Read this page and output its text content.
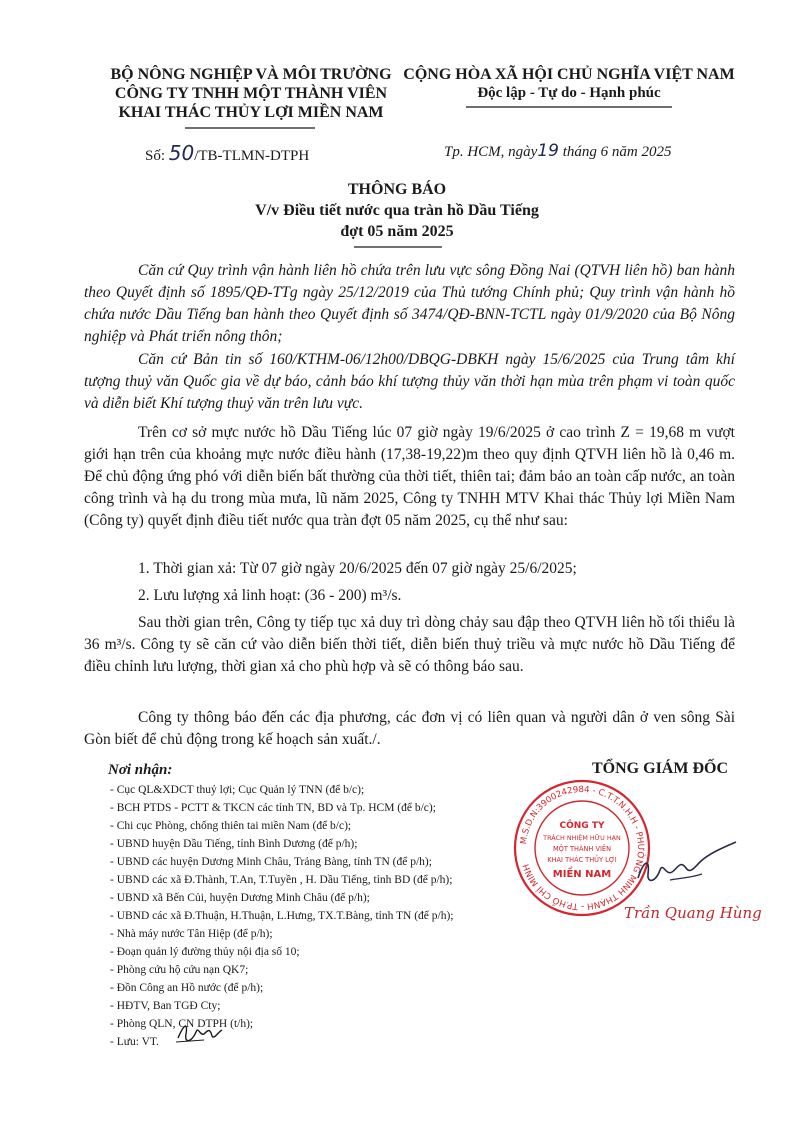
BỘ NÔNG NGHIỆP VÀ MÔI TRƯỜNG
CÔNG TY TNHH MỘT THÀNH VIÊN
KHAI THÁC THỦY LỢI MIỀN NAM
CỘNG HÒA XÃ HỘI CHỦ NGHĨA VIỆT NAM
Độc lập - Tự do - Hạnh phúc
Số: 50/TB-TLMN-DTPH	Tp. HCM, ngày19 tháng 6 năm 2025
THÔNG BÁO
V/v Điều tiết nước qua tràn hồ Dầu Tiếng
đợt 05 năm 2025
Căn cứ Quy trình vận hành liên hồ chứa trên lưu vực sông Đồng Nai (QTVH liên hồ) ban hành theo Quyết định số 1895/QĐ-TTg ngày 25/12/2019 của Thủ tướng Chính phủ; Quy trình vận hành hồ chứa nước Dầu Tiếng ban hành theo Quyết định số 3474/QĐ-BNN-TCTL ngày 01/9/2020 của Bộ Nông nghiệp và Phát triển nông thôn;
Căn cứ Bản tin số 160/KTHM-06/12h00/DBQG-DBKH ngày 15/6/2025 của Trung tâm khí tượng thuỷ văn Quốc gia về dự báo, cảnh báo khí tượng thủy văn thời hạn mùa trên phạm vi toàn quốc và diễn biết Khí tượng thuỷ văn trên lưu vực.
Trên cơ sở mực nước hồ Dầu Tiếng lúc 07 giờ ngày 19/6/2025 ở cao trình Z = 19,68 m vượt giới hạn trên của khoảng mực nước điều hành (17,38-19,22)m theo quy định QTVH liên hồ là 0,46 m. Để chủ động ứng phó với diễn biến bất thường của thời tiết, thiên tai; đảm bảo an toàn cấp nước, an toàn công trình và hạ du trong mùa mưa, lũ năm 2025, Công ty TNHH MTV Khai thác Thủy lợi Miền Nam (Công ty) quyết định điều tiết nước qua tràn đợt 05 năm 2025, cụ thể như sau:
1. Thời gian xả: Từ 07 giờ ngày 20/6/2025 đến 07 giờ ngày 25/6/2025;
2. Lưu lượng xả linh hoạt: (36 - 200) m³/s.
Sau thời gian trên, Công ty tiếp tục xả duy trì dòng chảy sau đập theo QTVH liên hồ tối thiểu là 36 m³/s. Công ty sẽ căn cứ vào diễn biến thời tiết, diễn biến thuỷ triều và mực nước hồ Dầu Tiếng để điều chỉnh lưu lượng, thời gian xả cho phù hợp và sẽ có thông báo sau.
Công ty thông báo đến các địa phương, các đơn vị có liên quan và người dân ở ven sông Sài Gòn biết để chủ động trong kế hoạch sản xuất./.
Nơi nhận:
- Cục QL&XDCT thuỷ lợi; Cục Quản lý TNN (để b/c);
- BCH PTDS - PCTT & TKCN các tỉnh TN, BD và Tp. HCM (để b/c);
- Chi cục Phòng, chống thiên tai miền Nam (để b/c);
- UBND huyện Dầu Tiếng, tỉnh Bình Dương (để p/h);
- UBND các huyện Dương Minh Châu, Trảng Bàng, tỉnh TN (để p/h);
- UBND các xã Đ.Thành, T.An, T.Tuyền , H. Dầu Tiếng, tỉnh BD (để p/h);
- UBND xã Bến Củi, huyện Dương Minh Châu (để p/h);
- UBND các xã Đ.Thuận, H.Thuận, L.Hưng, TX.T.Bàng, tỉnh TN (để p/h);
- Nhà máy nước Tân Hiệp (để p/h);
- Đoạn quản lý đường thủy nội địa số 10;
- Phòng cứu hộ cứu nạn QK7;
- Đồn Công an Hồ nước (để p/h);
- HĐTV, Ban TGĐ Cty;
- Phòng QLN, CN DTPH (t/h);
- Lưu: VT.
TỔNG GIÁM ĐỐC
M.S.D.N:3900242984 - C.T.T.N.H.H - PHƯỜNG MINH THẠNH - TP.HỒ CHÍ MINH
CÔNG TY
TRÁCH NHIỆM HỮU HẠN
MỘT THÀNH VIÊN
KHAI THÁC THỦY LỢI
MIỀN NAM
Trần Quang Hùng
